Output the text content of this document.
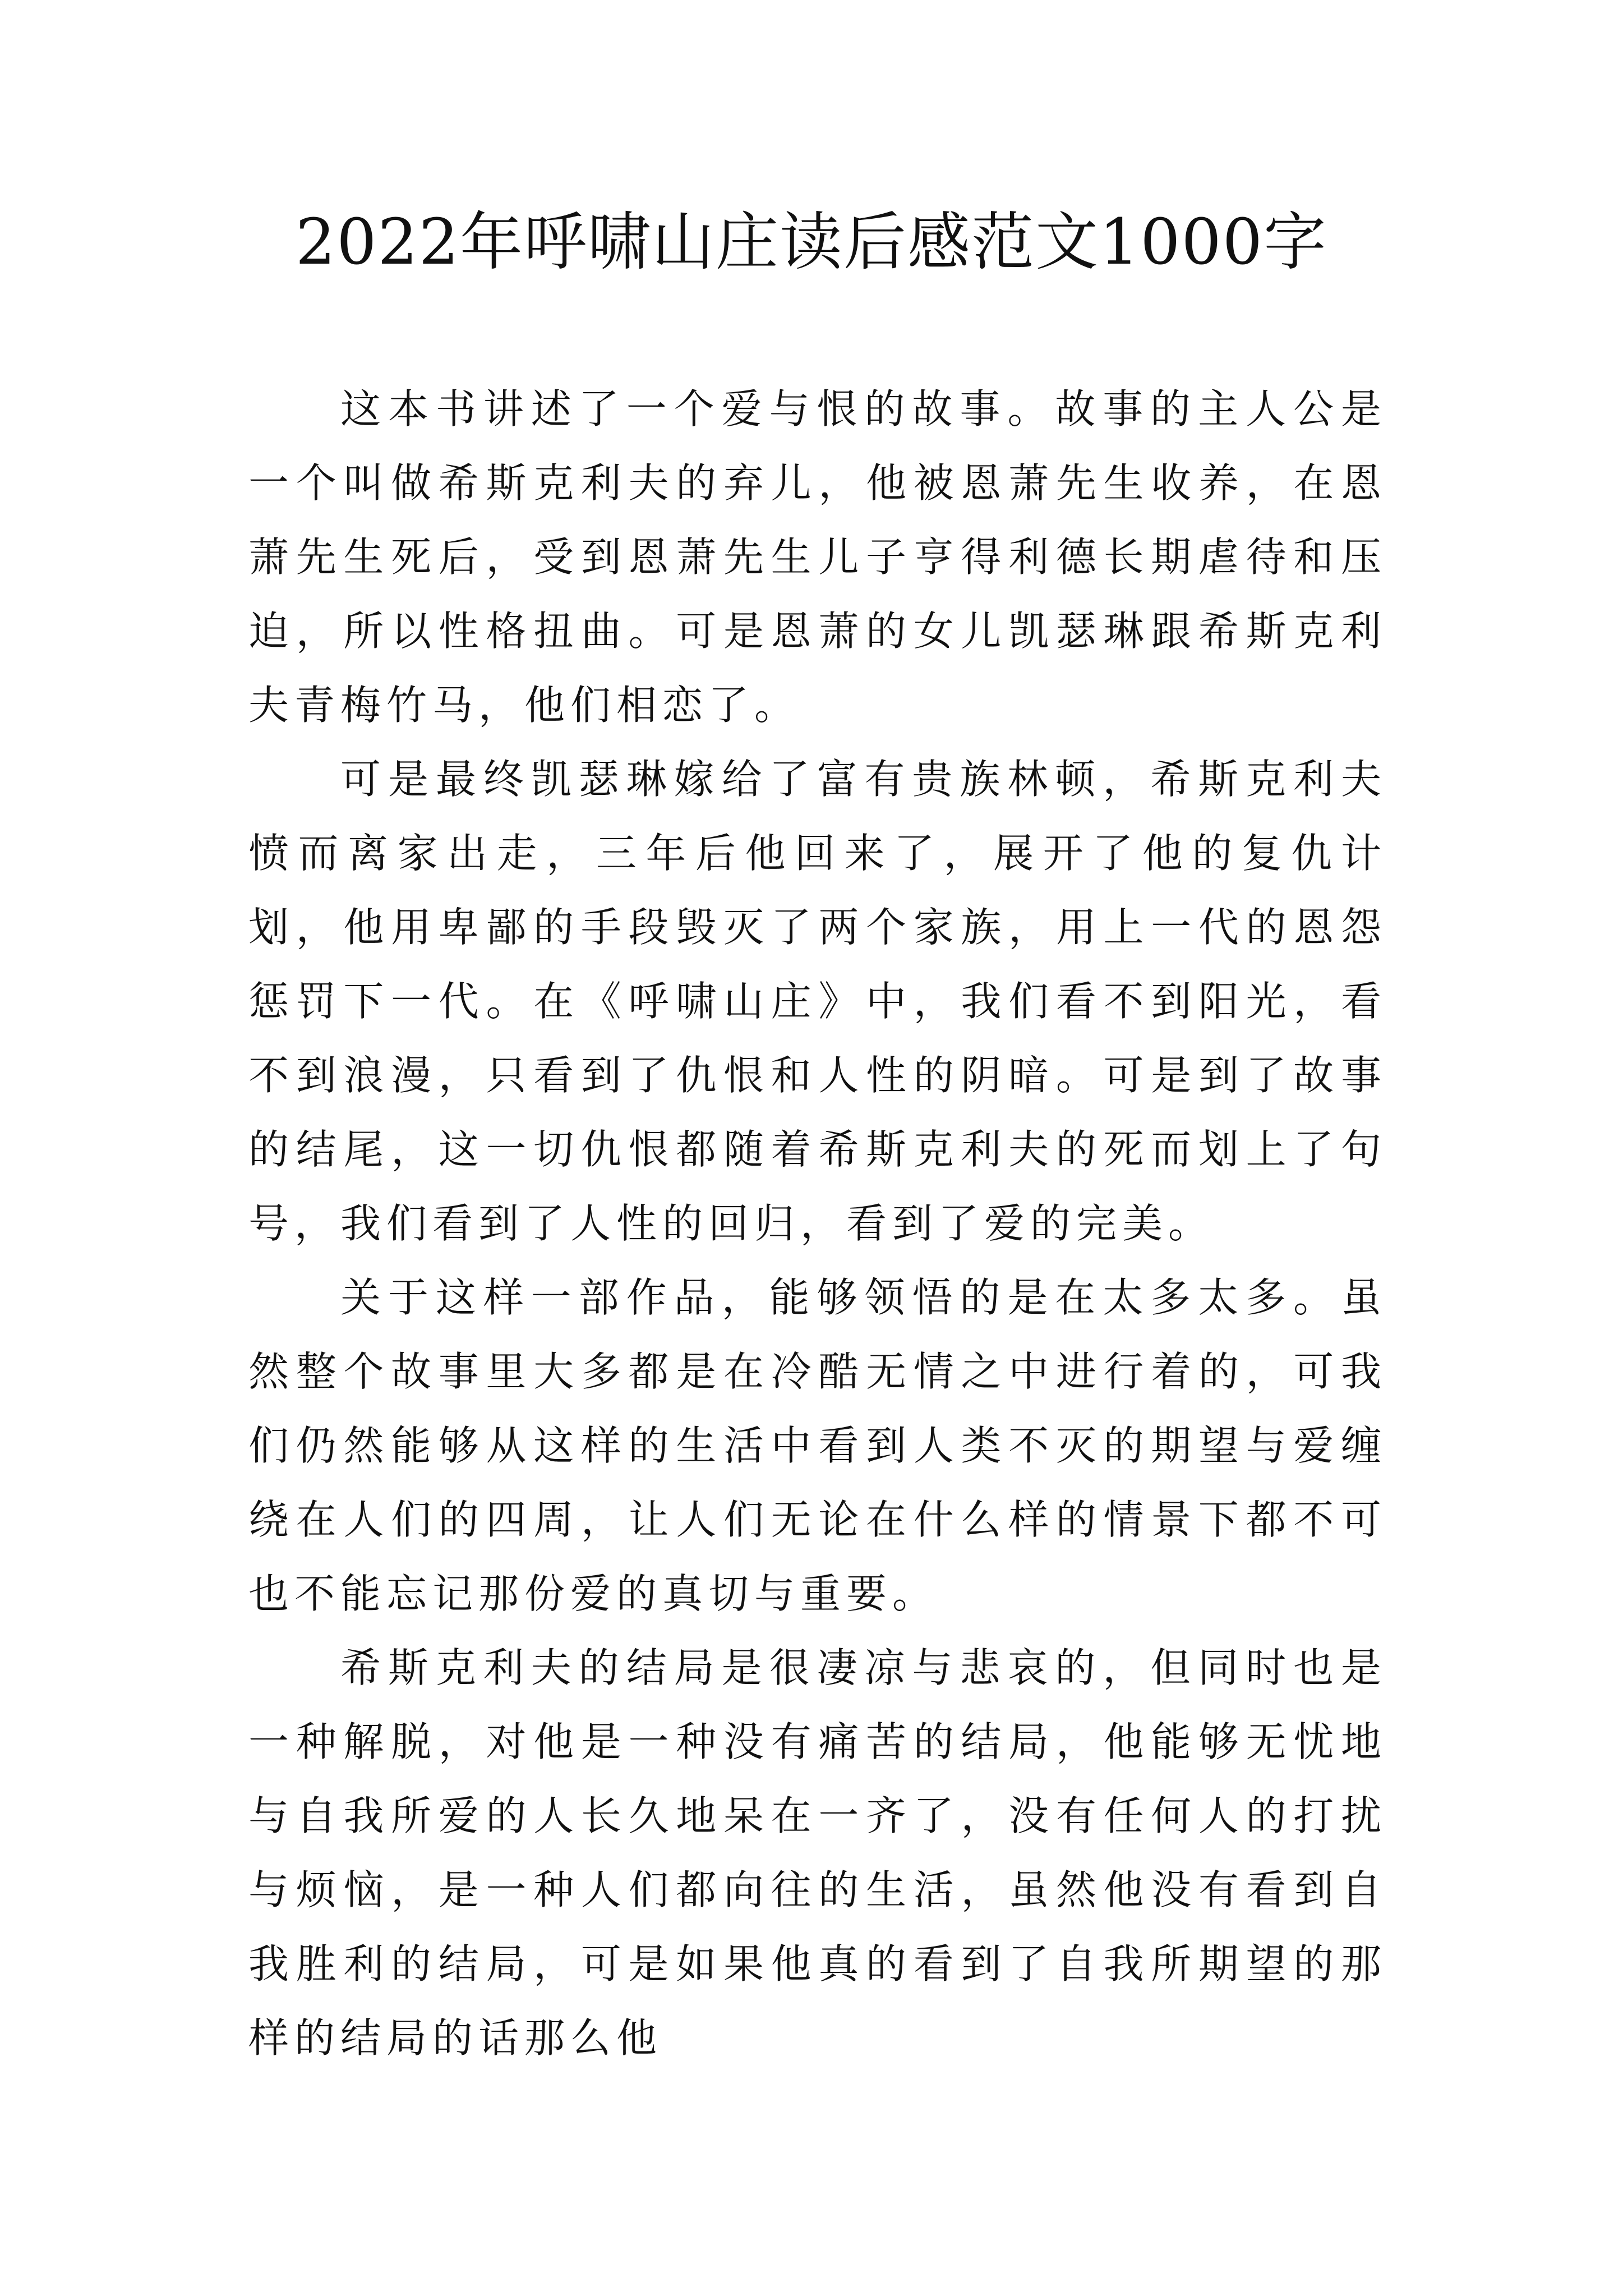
2022年呼啸山庄读后感范文1000字

这本书讲述了一个爱与恨的故事。故事的主人公是一个叫做希斯克利夫的弃儿，他被恩萧先生收养，在恩萧先生死后，受到恩萧先生儿子亨得利德长期虐待和压迫，所以性格扭曲。可是恩萧的女儿凯瑟琳跟希斯克利夫青梅竹马，他们相恋了。

可是最终凯瑟琳嫁给了富有贵族林顿，希斯克利夫愤而离家出走，三年后他回来了，展开了他的复仇计划，他用卑鄙的手段毁灭了两个家族，用上一代的恩怨惩罚下一代。在《呼啸山庄》中，我们看不到阳光，看不到浪漫，只看到了仇恨和人性的阴暗。可是到了故事的结尾，这一切仇恨都随着希斯克利夫的死而划上了句号，我们看到了人性的回归，看到了爱的完美。

关于这样一部作品，能够领悟的是在太多太多。虽然整个故事里大多都是在冷酷无情之中进行着的，可我们仍然能够从这样的生活中看到人类不灭的期望与爱缠绕在人们的四周，让人们无论在什么样的情景下都不可也不能忘记那份爱的真切与重要。

希斯克利夫的结局是很凄凉与悲哀的，但同时也是一种解脱，对他是一种没有痛苦的结局，他能够无忧地与自我所爱的人长久地呆在一齐了，没有任何人的打扰与烦恼，是一种人们都向往的生活，虽然他没有看到自我胜利的结局，可是如果他真的看到了自我所期望的那样的结局的话那么他
